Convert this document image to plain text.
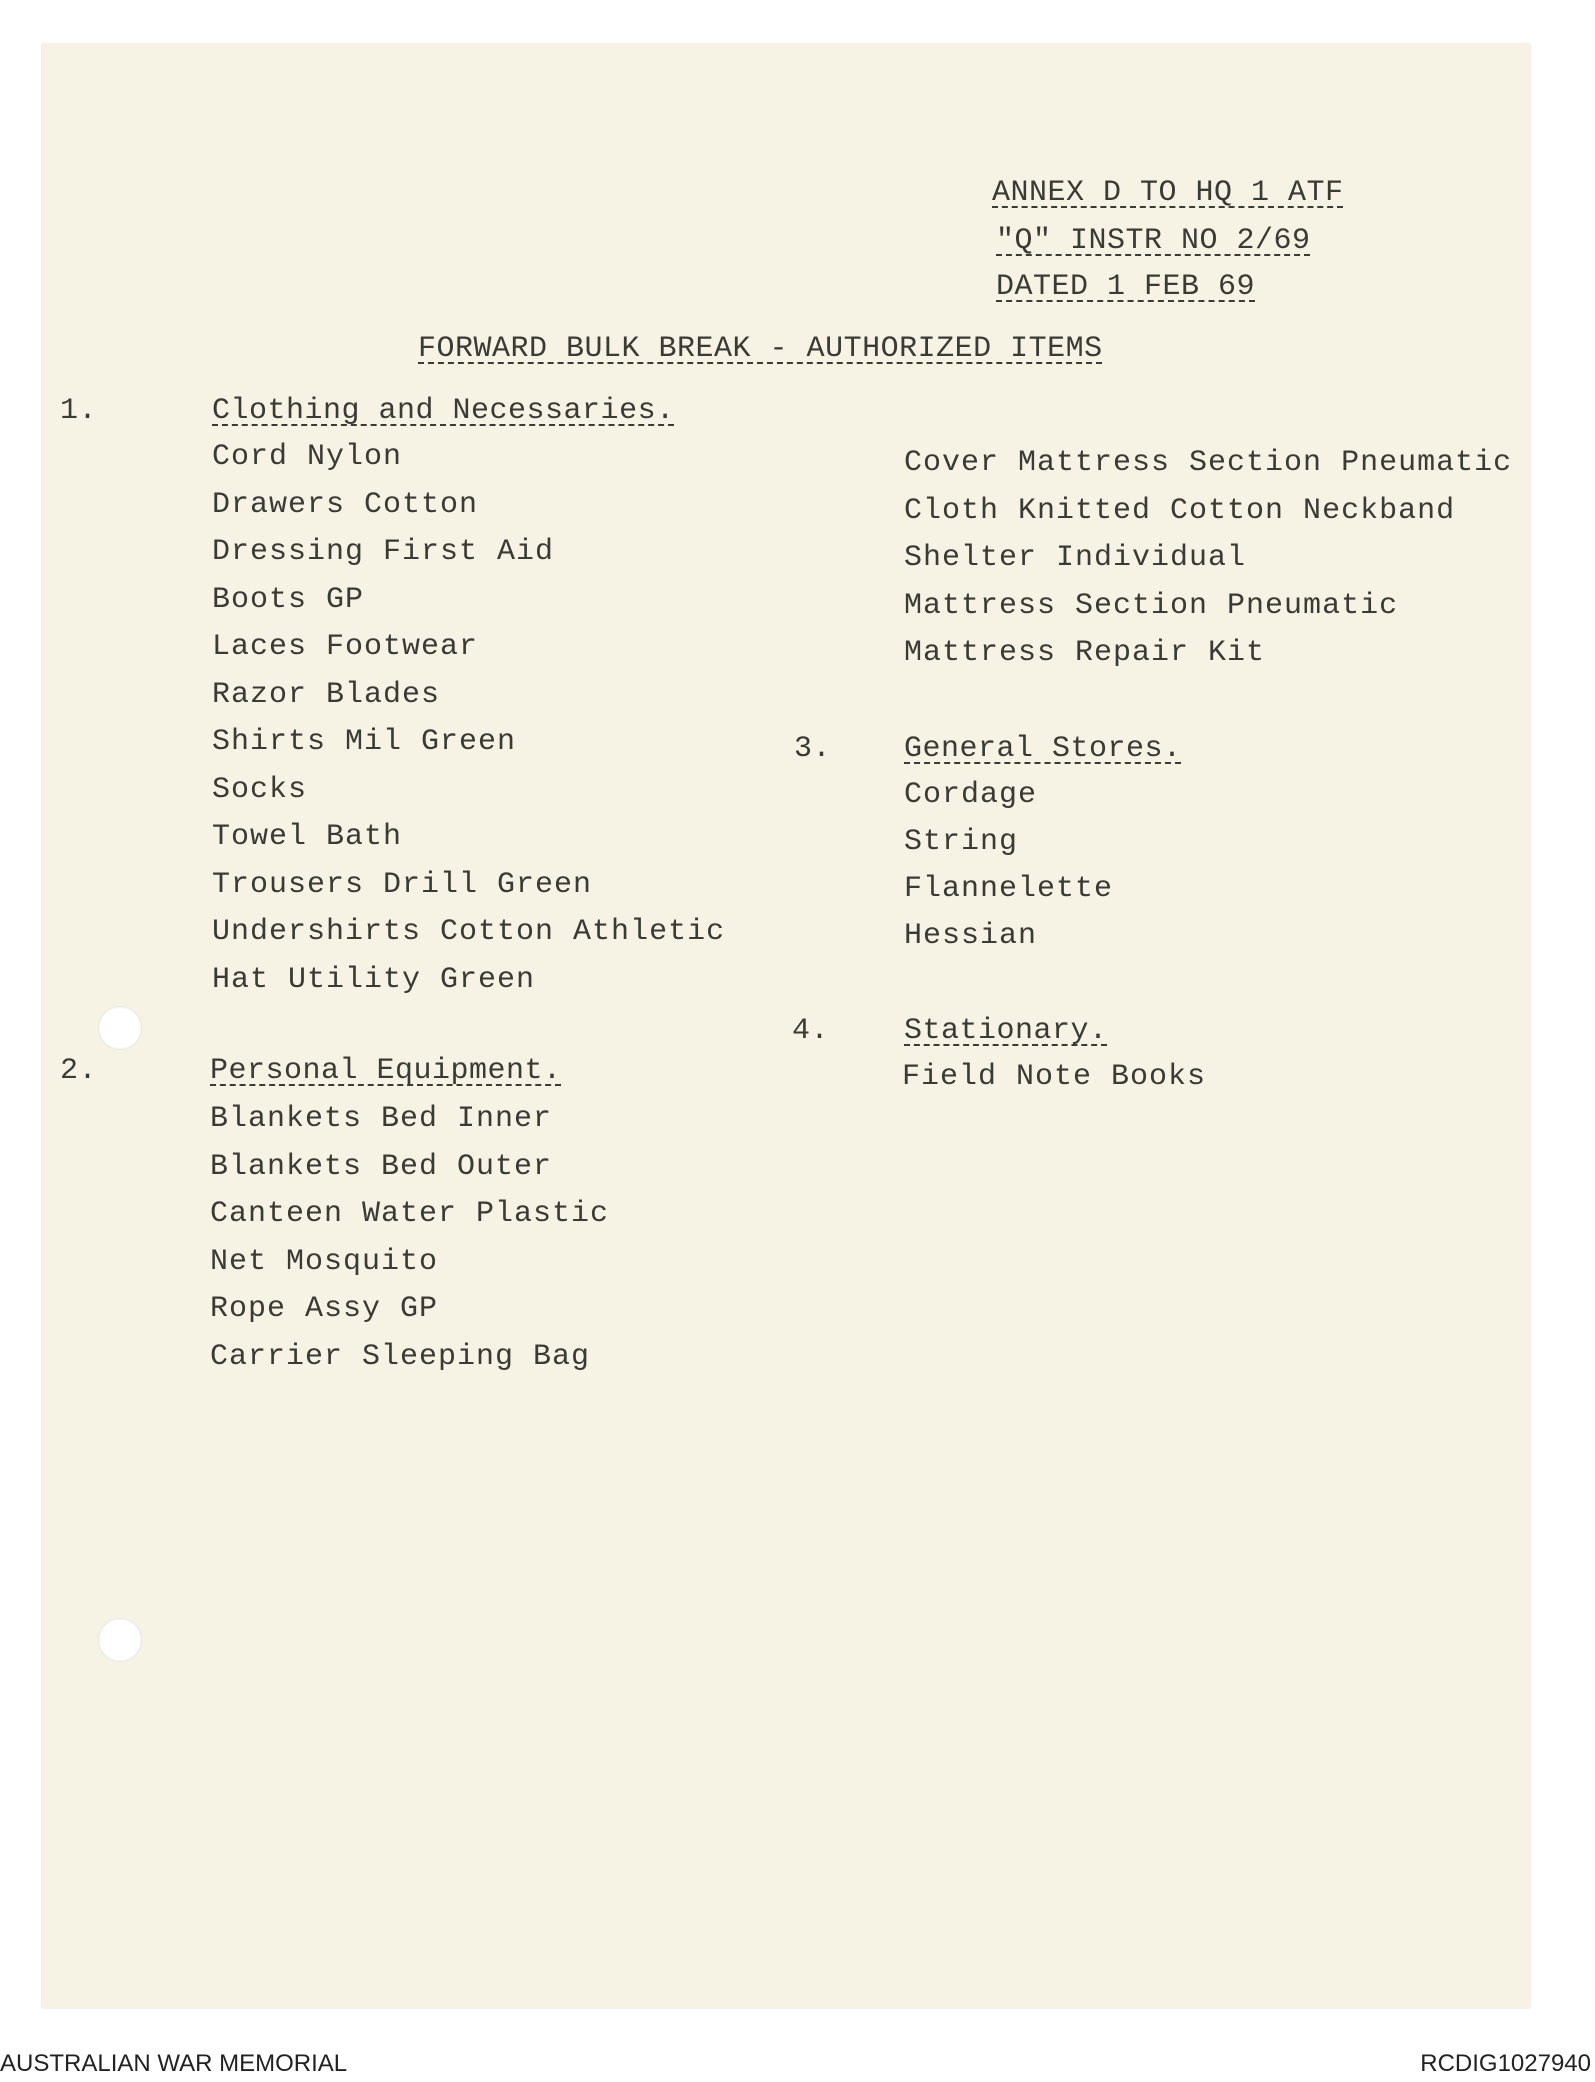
ANNEX D TO HQ 1 ATF
"Q" INSTR NO 2/69
DATED 1 FEB 69
FORWARD BULK BREAK - AUTHORIZED ITEMS
1.	Clothing and Necessaries.
Cord Nylon
Drawers Cotton
Dressing First Aid
Boots GP
Laces Footwear
Razor Blades
Shirts Mil Green
Socks
Towel Bath
Trousers Drill Green
Undershirts Cotton Athletic
Hat Utility Green
2.	Personal Equipment.
Blankets Bed Inner
Blankets Bed Outer
Canteen Water Plastic
Net Mosquito
Rope Assy GP
Carrier Sleeping Bag
Cover Mattress Section Pneumatic
Cloth Knitted Cotton Neckband
Shelter Individual
Mattress Section Pneumatic
Mattress Repair Kit
3. General Stores.
Cordage
String
Flannelette
Hessian
4. Stationary.
Field Note Books
AUSTRALIAN WAR MEMORIAL	RCDIG1027940
